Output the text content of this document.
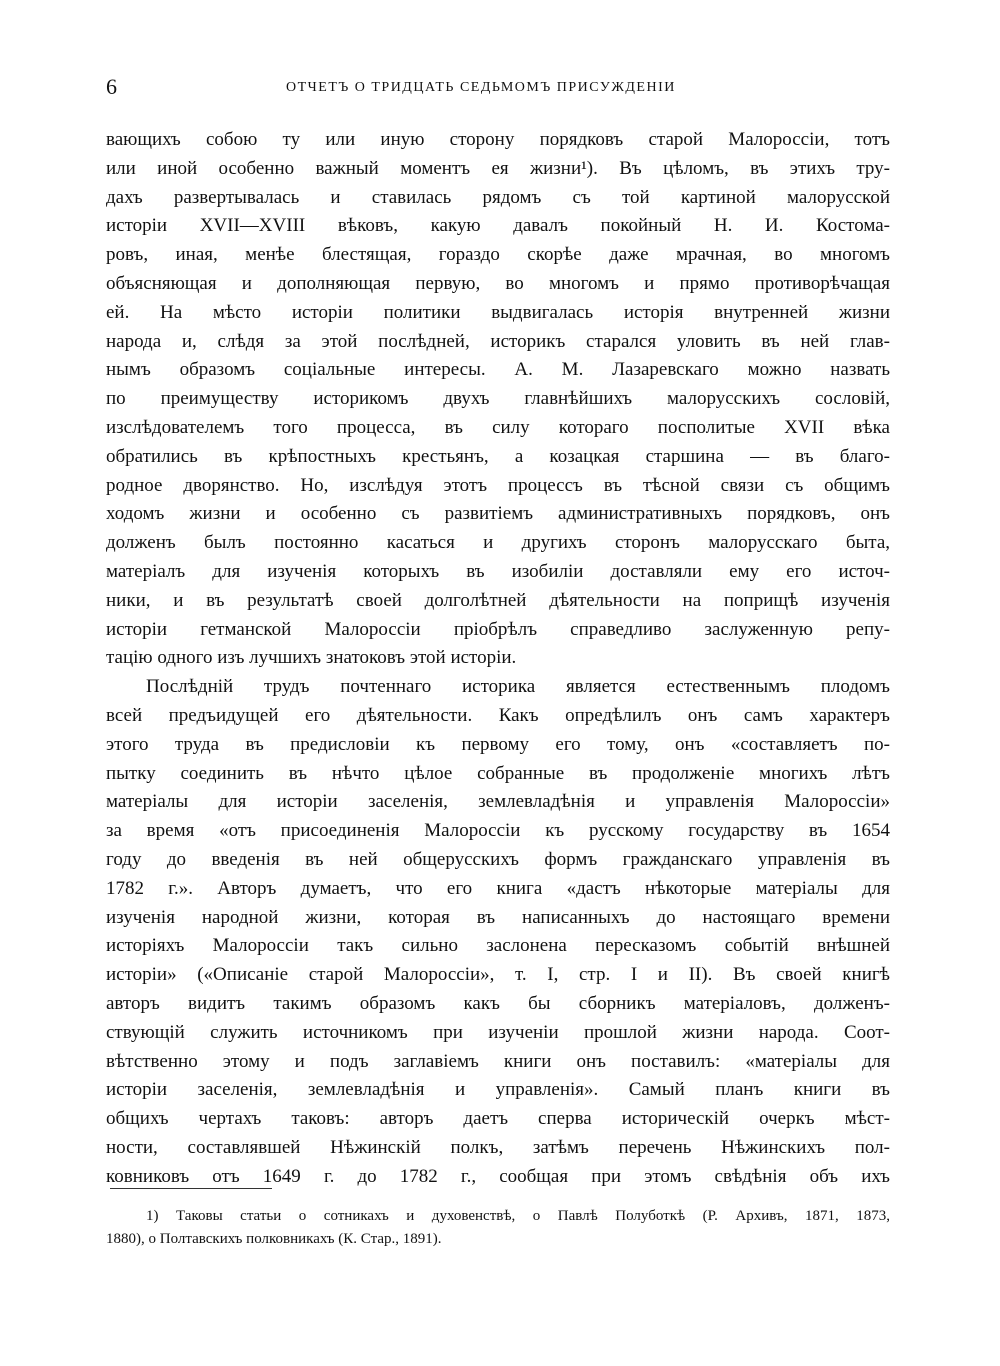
6	ОТЧЕТЪ О ТРИДЦАТЬ СЕДЬМОМЪ ПРИСУЖДЕНІИ
вающихъ собою ту или иную сторону порядковъ старой Малороссіи, тотъ
или иной особенно важный моментъ ея жизни¹). Въ цѣломъ, въ этихъ тру-
дахъ развертывалась и ставилась рядомъ съ той картиной малорусской
исторіи XVII—XVIII вѣковъ, какую давалъ покойный Н. И. Костома-
ровъ, иная, менѣе блестящая, гораздо скорѣе даже мрачная, во многомъ
объясняющая и дополняющая первую, во многомъ и прямо противорѣчащая
ей. На мѣсто исторіи политики выдвигалась исторія внутренней жизни
народа и, слѣдя за этой послѣдней, историкъ старался уловить въ ней глав-
нымъ образомъ соціальные интересы. А. М. Лазаревскаго можно назвать
по преимуществу историкомъ двухъ главнѣйшихъ малорусскихъ сословій,
изслѣдователемъ того процесса, въ силу котораго посполитые XVII вѣка
обратились въ крѣпостныхъ крестьянъ, а козацкая старшина — въ благо-
родное дворянство. Но, изслѣдуя этотъ процессъ въ тѣсной связи съ общимъ
ходомъ жизни и особенно съ развитіемъ административныхъ порядковъ, онъ
долженъ былъ постоянно касаться и другихъ сторонъ малорусскаго быта,
матеріалъ для изученія которыхъ въ изобиліи доставляли ему его источ-
ники, и въ результатѣ своей долголѣтней дѣятельности на поприщѣ изученія
исторіи гетманской Малороссіи пріобрѣлъ справедливо заслуженную репу-
тацію одного изъ лучшихъ знатоковъ этой исторіи.
Послѣдній трудъ почтеннаго историка является естественнымъ плодомъ
всей предъидущей его дѣятельности. Какъ опредѣлилъ онъ самъ характеръ
этого труда въ предисловіи къ первому его тому, онъ «составляетъ по-
пытку соединить въ нѣчто цѣлое собранные въ продолженіе многихъ лѣтъ
матеріалы для исторіи заселенія, землевладѣнія и управленія Малороссіи»
за время «отъ присоединенія Малороссіи къ русскому государству въ 1654
году до введенія въ ней общерусскихъ формъ гражданскаго управленія въ
1782 г.». Авторъ думаетъ, что его книга «дастъ нѣкоторые матеріалы для
изученія народной жизни, которая въ написанныхъ до настоящаго времени
исторіяхъ Малороссіи такъ сильно заслонена пересказомъ событій внѣшней
исторіи» («Описаніе старой Малороссіи», т. I, стр. I и II). Въ своей книгѣ
авторъ видитъ такимъ образомъ какъ бы сборникъ матеріаловъ, долженъ-
ствующій служить источникомъ при изученіи прошлой жизни народа. Соот-
вѣтственно этому и подъ заглавіемъ книги онъ поставилъ: «матеріалы для
исторіи заселенія, землевладѣнія и управленія». Самый планъ книги въ
общихъ чертахъ таковъ: авторъ даетъ сперва историческій очеркъ мѣст-
ности, составлявшей Нѣжинскій полкъ, затѣмъ перечень Нѣжинскихъ пол-
ковниковъ отъ 1649 г. до 1782 г., сообщая при этомъ свѣдѣнія объ ихъ
1) Таковы статьи о сотникахъ и духовенствѣ, о Павлѣ Полуботкѣ (Р. Архивъ, 1871, 1873,
1880), о Полтавскихъ полковникахъ (К. Стар., 1891).
